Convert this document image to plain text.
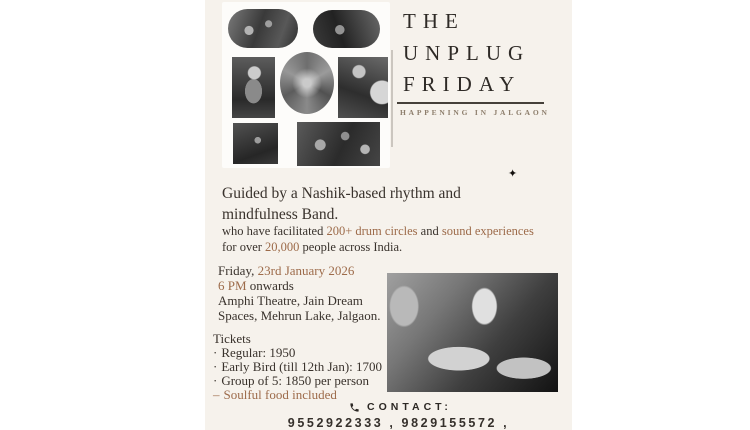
THE
UNPLUG
FRIDAY
HAPPENING IN JALGAON
✦
Guided by a Nashik-based rhythm and
mindfulness Band.
who have facilitated 200+ drum circles and sound experiences
for over 20,000 people across India.
Friday, 23rd January 2026
6 PM onwards
Amphi Theatre, Jain Dream
Spaces, Mehrun Lake, Jalgaon.
Tickets
· Regular: 1950
· Early Bird (till 12th Jan): 1700
· Group of 5: 1850 per person
– Soulful food included
CONTACT:
9552922333 , 9829155572 ,
